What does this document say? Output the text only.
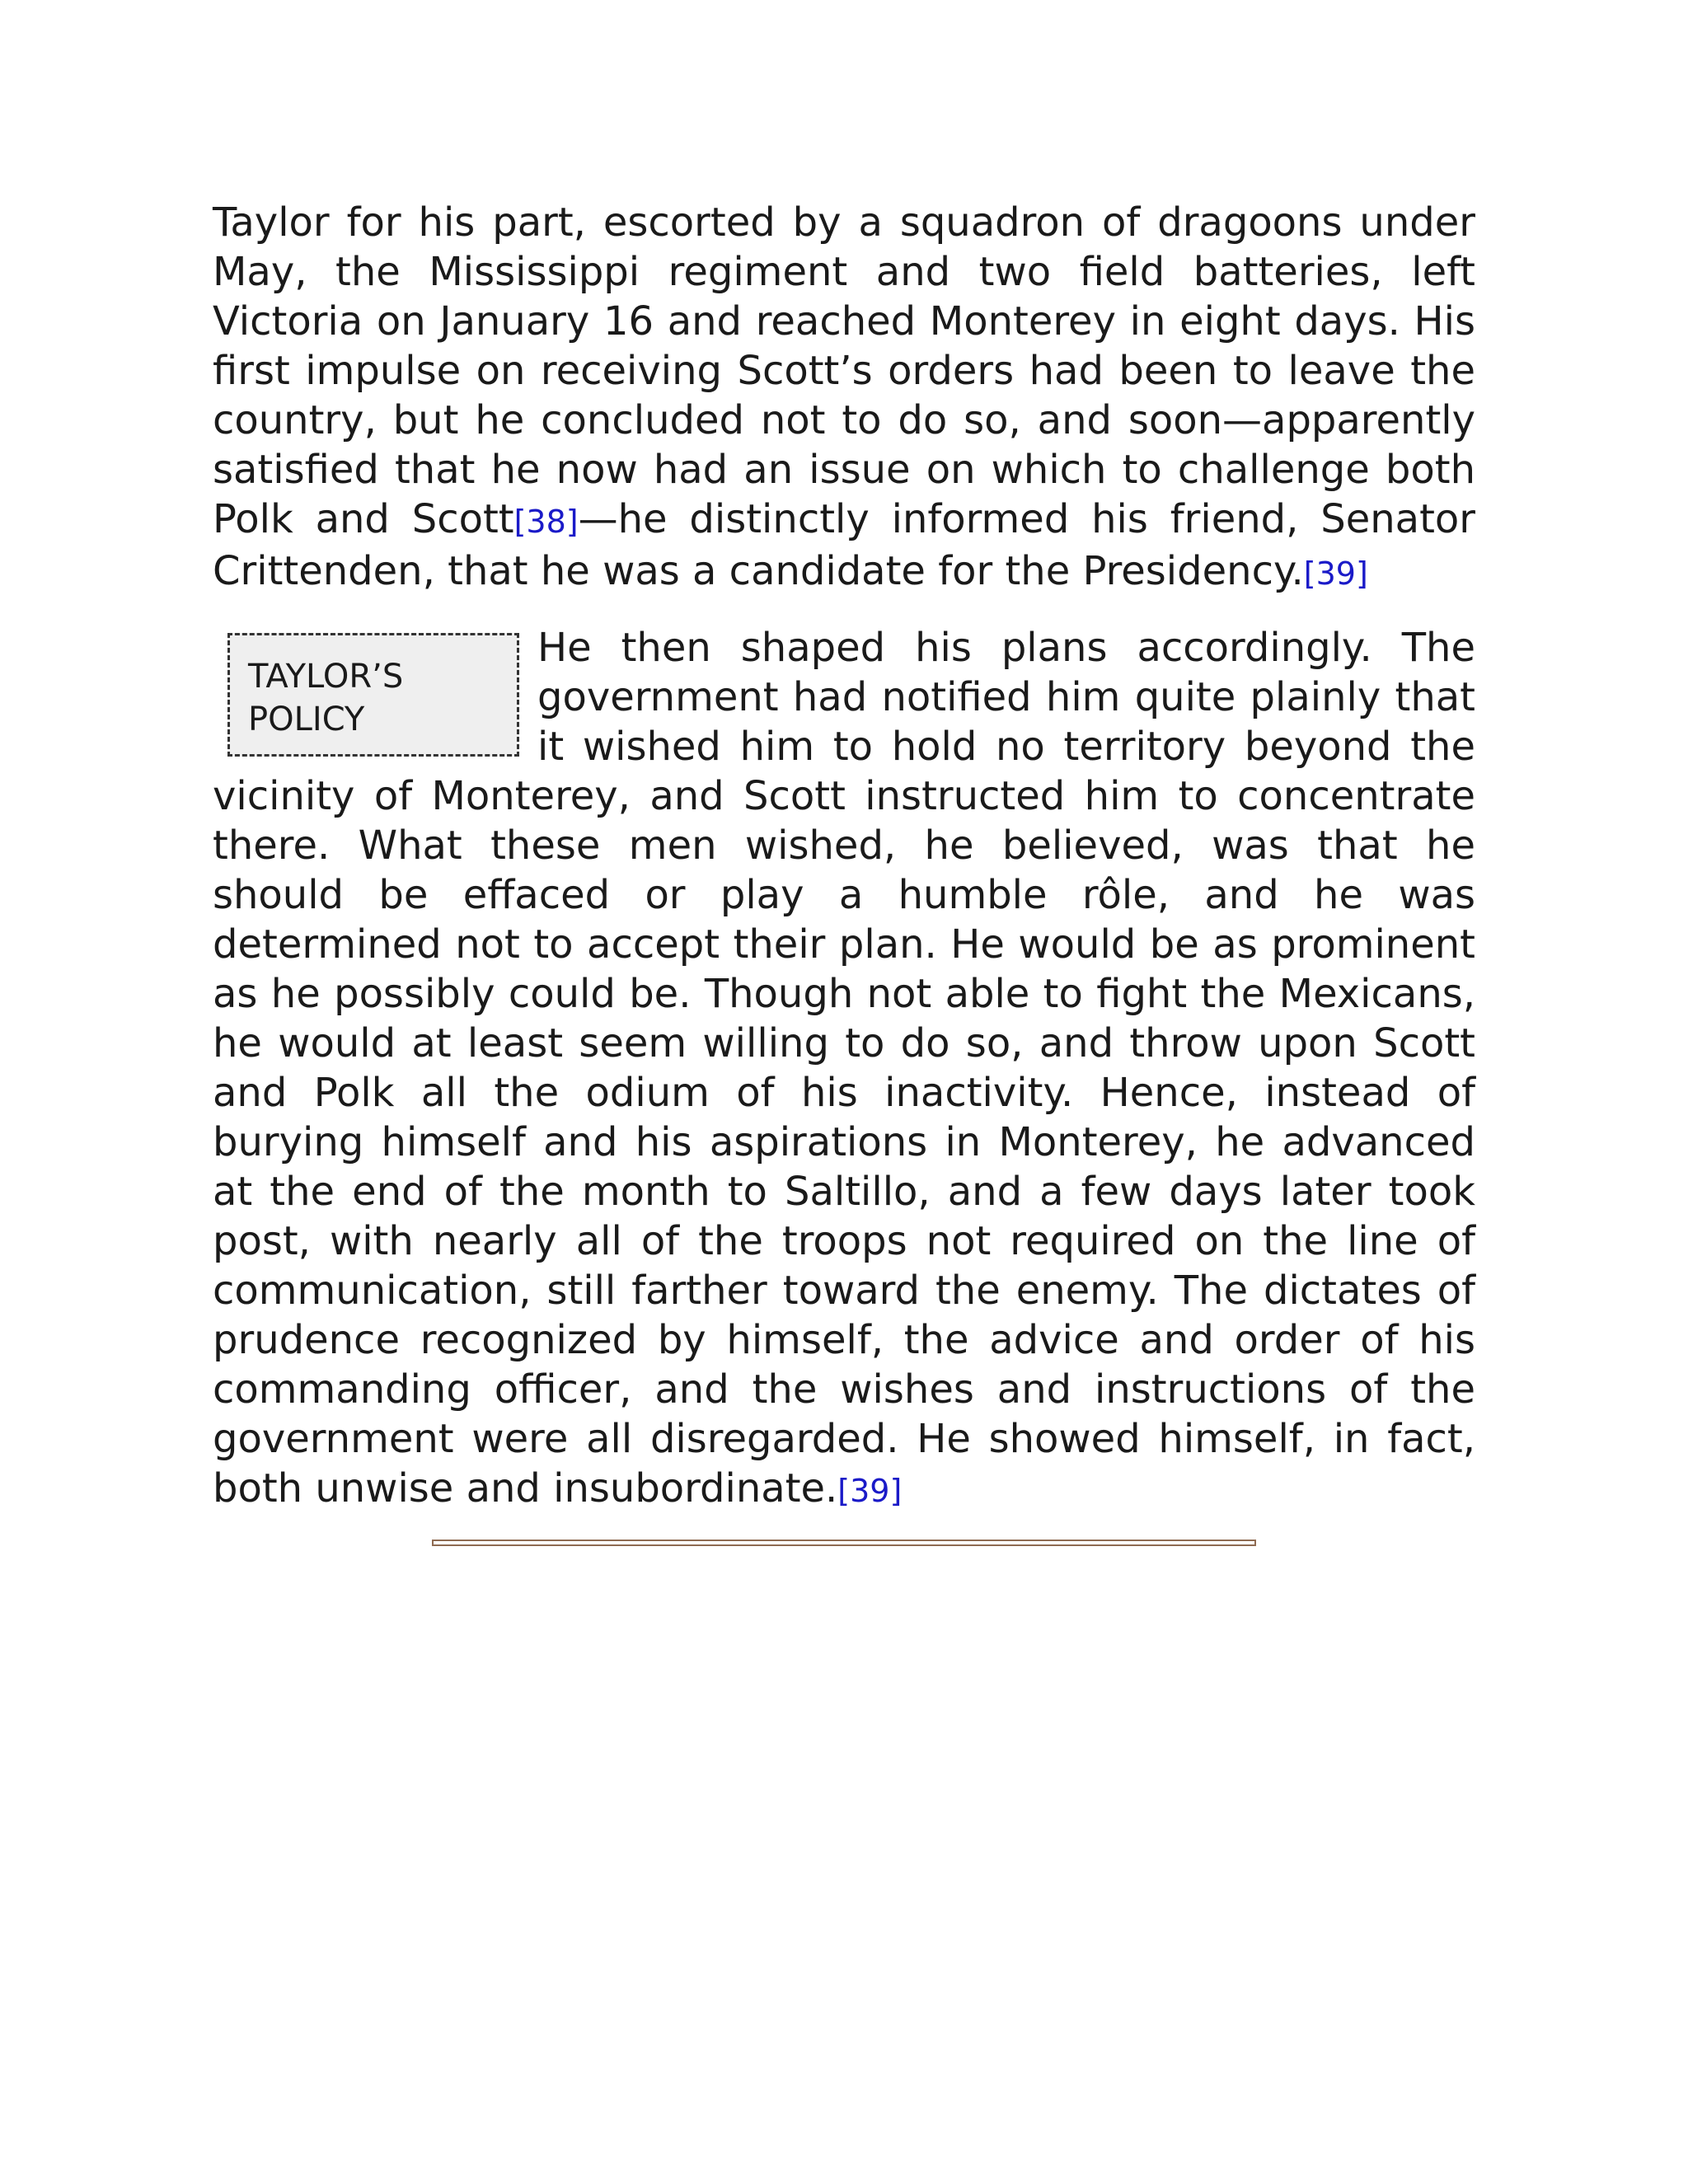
Taylor for his part, escorted by a squadron of dragoons under May, the Mississippi regiment and two field batteries, left Victoria on January 16 and reached Monterey in eight days. His first impulse on receiving Scott’s orders had been to leave the country, but he concluded not to do so, and soon—apparently satisfied that he now had an issue on which to challenge both Polk and Scott[38]—he distinctly informed his friend, Senator Crittenden, that he was a candidate for the Presidency.[39]

TAYLOR’S
POLICY
He then shaped his plans accordingly. The government had notified him quite plainly that it wished him to hold no territory beyond the vicinity of Monterey, and Scott instructed him to concentrate there. What these men wished, he believed, was that he should be effaced or play a humble rôle, and he was determined not to accept their plan. He would be as prominent as he possibly could be. Though not able to fight the Mexicans, he would at least seem willing to do so, and throw upon Scott and Polk all the odium of his inactivity. Hence, instead of burying himself and his aspirations in Monterey, he advanced at the end of the month to Saltillo, and a few days later took post, with nearly all of the troops not required on the line of communication, still farther toward the enemy. The dictates of prudence recognized by himself, the advice and order of his commanding officer, and the wishes and instructions of the government were all disregarded. He showed himself, in fact, both unwise and insubordinate.[39]
